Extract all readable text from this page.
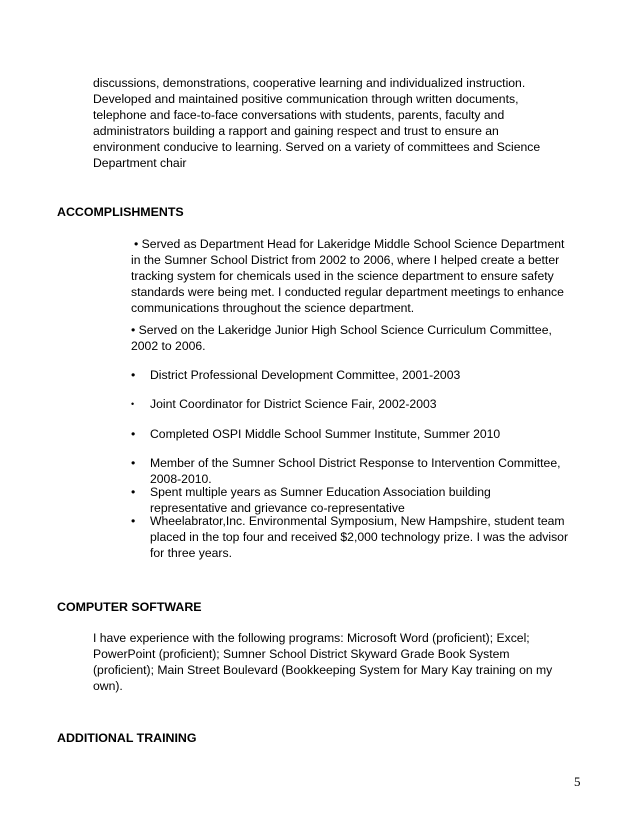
discussions, demonstrations, cooperative learning and individualized instruction.
Developed and maintained positive communication through written documents,
telephone and face-to-face conversations with students, parents, faculty and
administrators building a rapport and gaining respect and trust to ensure an
environment conducive to learning. Served on a variety of committees and Science
Department chair

ACCOMPLISHMENTS

• Served as Department Head for Lakeridge Middle School Science Department
in the Sumner School District from 2002 to 2006, where I helped create a better
tracking system for chemicals used in the science department to ensure safety
standards were being met. I conducted regular department meetings to enhance
communications throughout the science department.

• Served on the Lakeridge Junior High School Science Curriculum Committee,
2002 to 2006.

•	District Professional Development Committee, 2001-2003
•	Joint Coordinator for District Science Fair, 2002-2003
•	Completed OSPI Middle School Summer Institute, Summer 2010
•	Member of the Sumner School District Response to Intervention Committee,
2008-2010.
•	Spent multiple years as Sumner Education Association building
representative and grievance co-representative
•	Wheelabrator,Inc. Environmental Symposium, New Hampshire, student team
placed in the top four and received $2,000 technology prize. I was the advisor
for three years.
COMPUTER SOFTWARE

I have experience with the following programs: Microsoft Word (proficient); Excel;
PowerPoint (proficient); Sumner School District Skyward Grade Book System
(proficient); Main Street Boulevard (Bookkeeping System for Mary Kay training on my
own).

ADDITIONAL TRAINING
5
